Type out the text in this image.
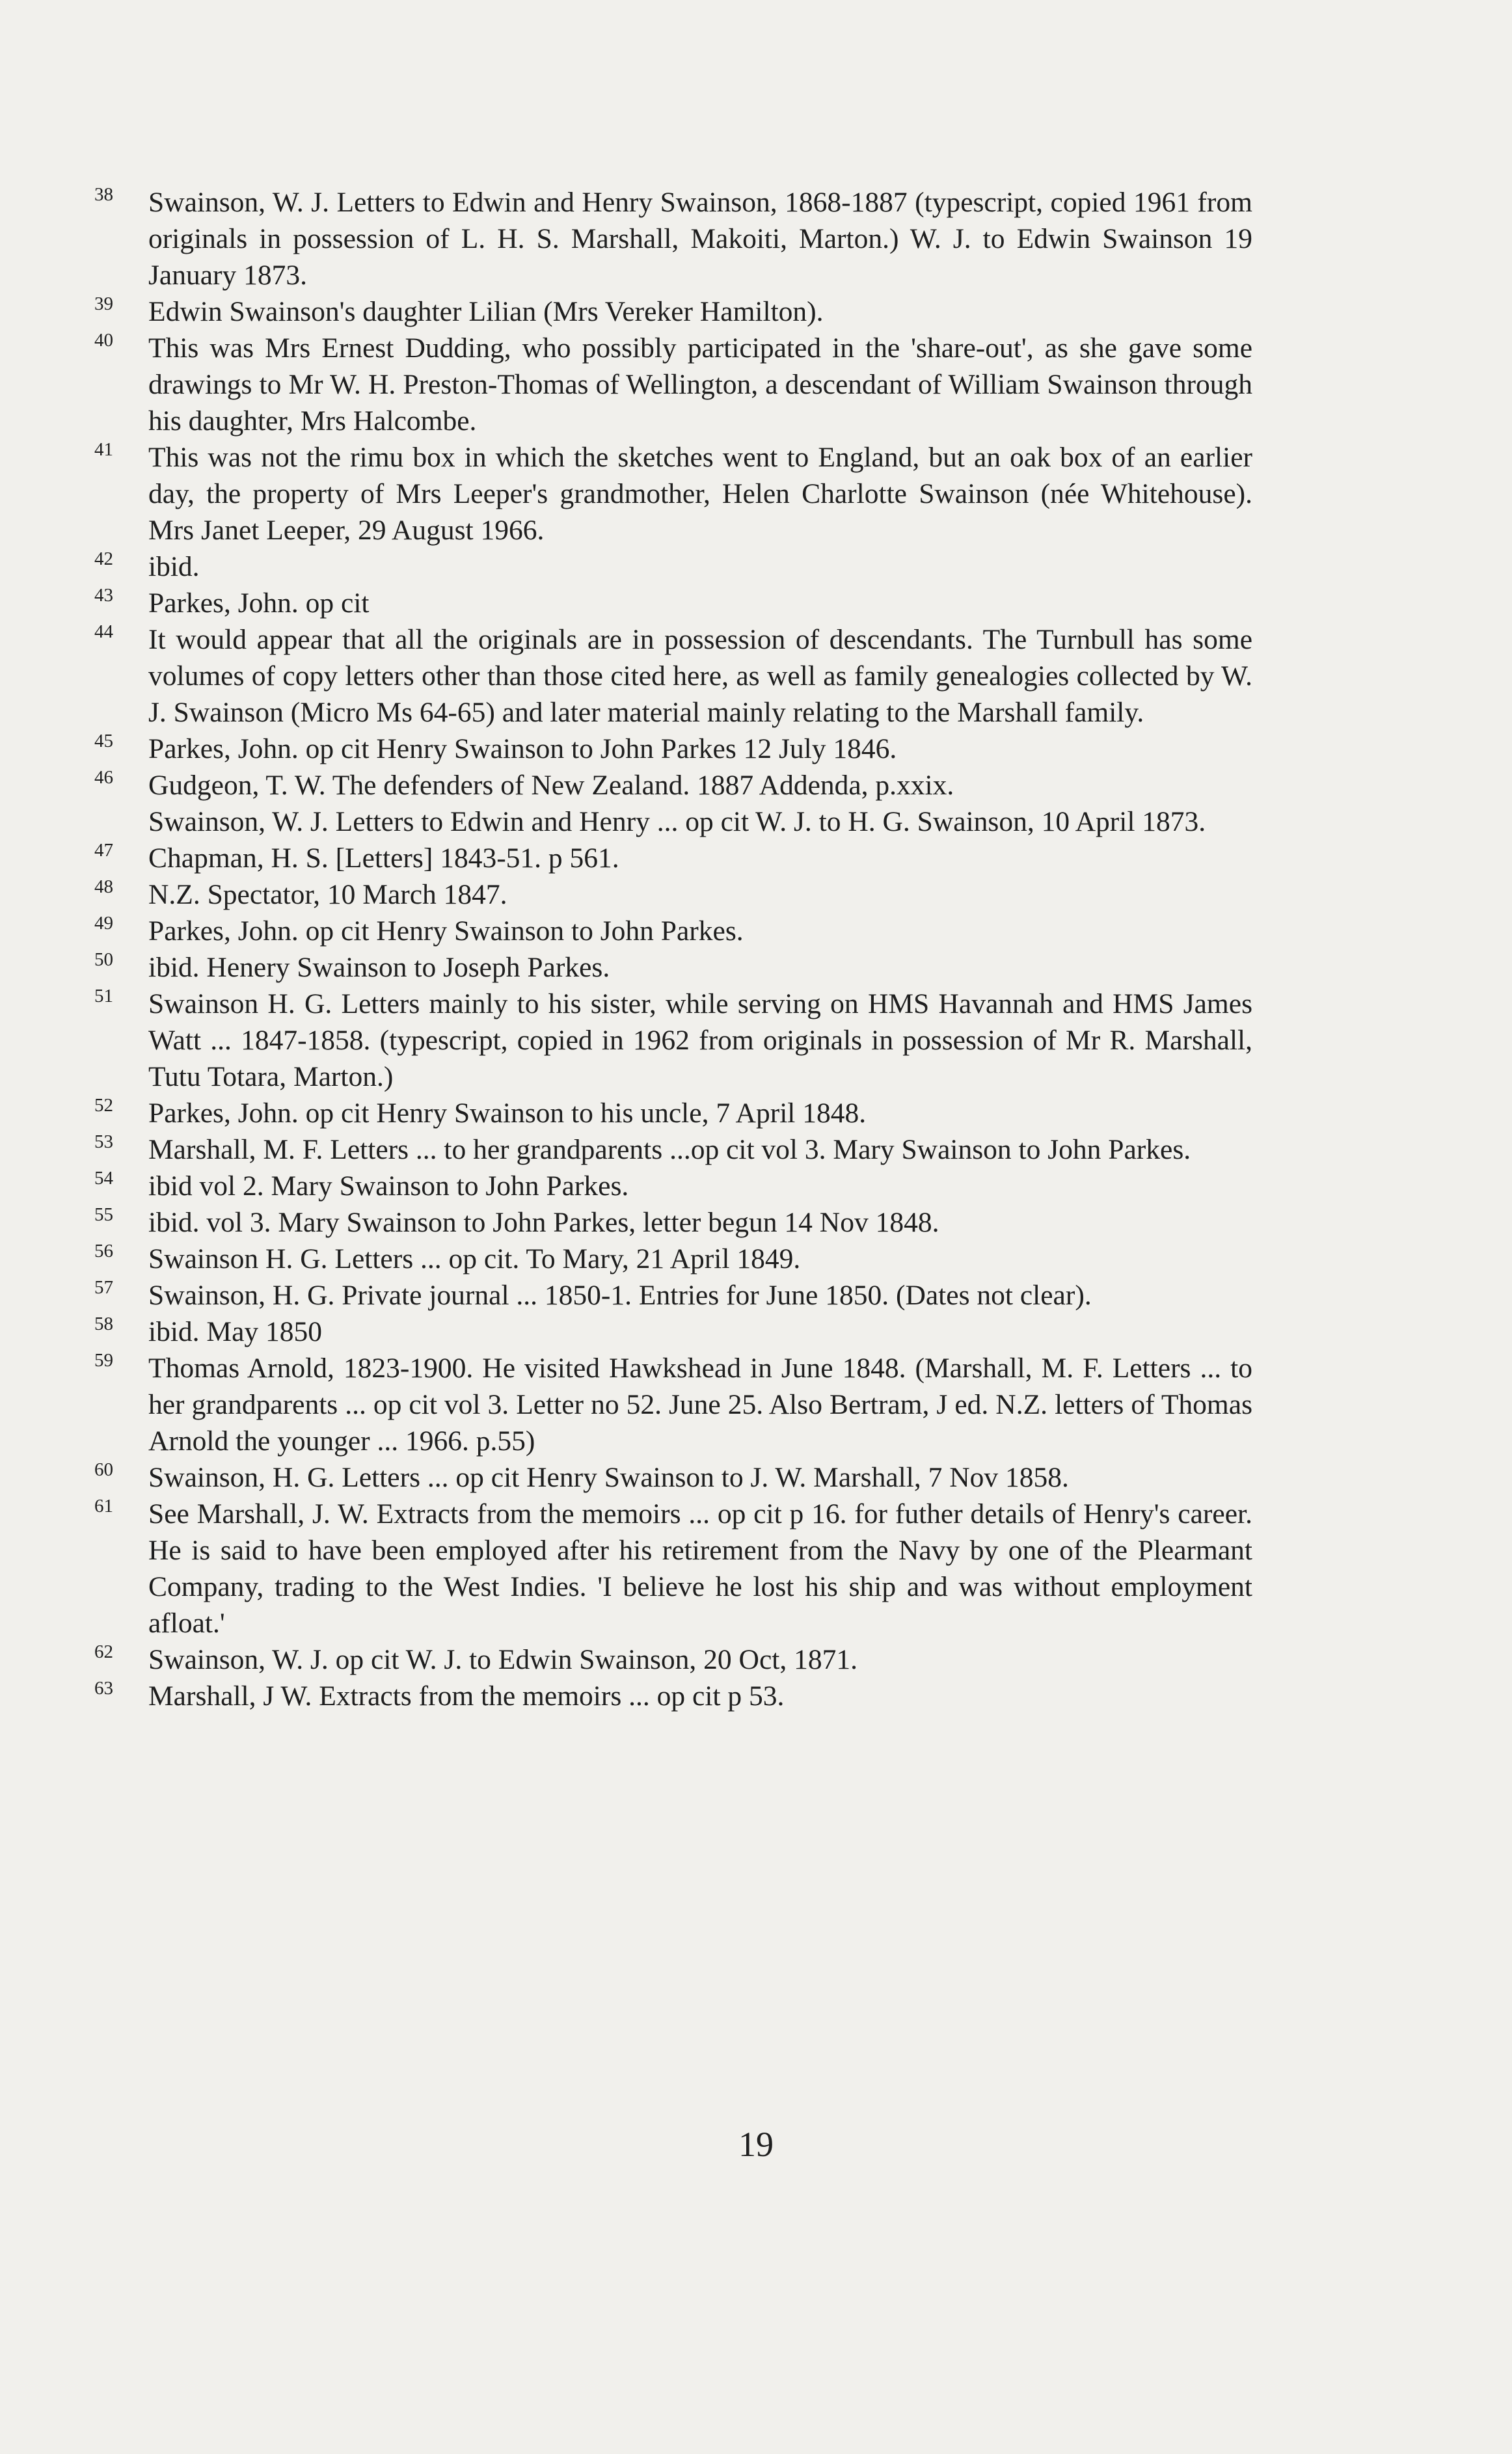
38 Swainson, W. J. Letters to Edwin and Henry Swainson, 1868-1887 (typescript, copied 1961 from originals in possession of L. H. S. Marshall, Makoiti, Marton.) W. J. to Edwin Swainson 19 January 1873.
39 Edwin Swainson's daughter Lilian (Mrs Vereker Hamilton).
40 This was Mrs Ernest Dudding, who possibly participated in the 'share-out', as she gave some drawings to Mr W. H. Preston-Thomas of Wellington, a descendant of William Swainson through his daughter, Mrs Halcombe.
41 This was not the rimu box in which the sketches went to England, but an oak box of an earlier day, the property of Mrs Leeper's grandmother, Helen Charlotte Swainson (née Whitehouse). Mrs Janet Leeper, 29 August 1966.
42 ibid.
43 Parkes, John. op cit
44 It would appear that all the originals are in possession of descendants. The Turnbull has some volumes of copy letters other than those cited here, as well as family genealogies collected by W. J. Swainson (Micro Ms 64-65) and later material mainly relating to the Marshall family.
45 Parkes, John. op cit Henry Swainson to John Parkes 12 July 1846.
46 Gudgeon, T. W. The defenders of New Zealand. 1887 Addenda, p.xxix.
Swainson, W. J. Letters to Edwin and Henry ... op cit W. J. to H. G. Swainson, 10 April 1873.
47 Chapman, H. S. [Letters] 1843-51. p 561.
48 N.Z. Spectator, 10 March 1847.
49 Parkes, John. op cit Henry Swainson to John Parkes.
50 ibid. Henery Swainson to Joseph Parkes.
51 Swainson H. G. Letters mainly to his sister, while serving on HMS Havannah and HMS James Watt ... 1847-1858. (typescript, copied in 1962 from originals in possession of Mr R. Marshall, Tutu Totara, Marton.)
52 Parkes, John. op cit Henry Swainson to his uncle, 7 April 1848.
53 Marshall, M. F. Letters ... to her grandparents ...op cit vol 3. Mary Swainson to John Parkes.
54 ibid vol 2. Mary Swainson to John Parkes.
55 ibid. vol 3. Mary Swainson to John Parkes, letter begun 14 Nov 1848.
56 Swainson H. G. Letters ... op cit. To Mary, 21 April 1849.
57 Swainson, H. G. Private journal ... 1850-1. Entries for June 1850. (Dates not clear).
58 ibid. May 1850
59 Thomas Arnold, 1823-1900. He visited Hawkshead in June 1848. (Marshall, M. F. Letters ... to her grandparents ... op cit vol 3. Letter no 52. June 25. Also Bertram, J ed. N.Z. letters of Thomas Arnold the younger ... 1966. p.55)
60 Swainson, H. G. Letters ... op cit Henry Swainson to J. W. Marshall, 7 Nov 1858.
61 See Marshall, J. W. Extracts from the memoirs ... op cit p 16. for futher details of Henry's career. He is said to have been employed after his retirement from the Navy by one of the Plearmant Company, trading to the West Indies. 'I believe he lost his ship and was without employment afloat.'
62 Swainson, W. J. op cit W. J. to Edwin Swainson, 20 Oct, 1871.
63 Marshall, J W. Extracts from the memoirs ... op cit p 53.
19
